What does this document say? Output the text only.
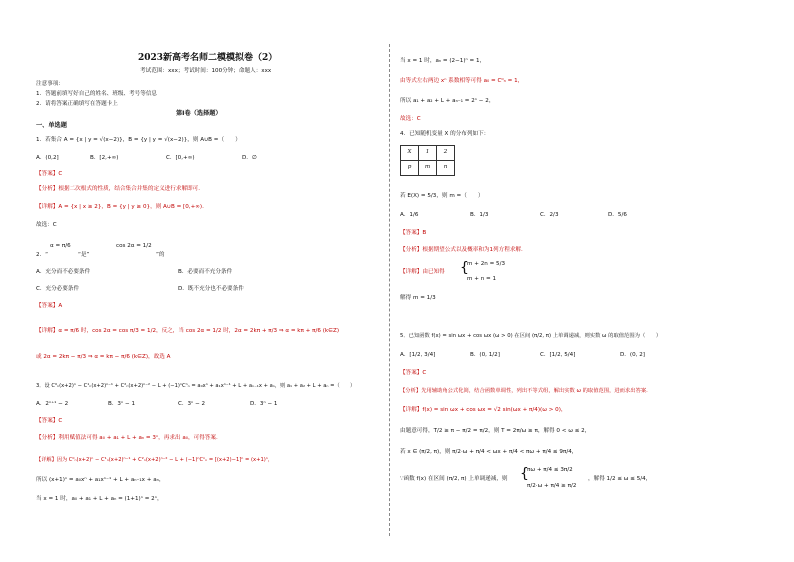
2023新高考名师二模模拟卷（2）
考试范围：xxx；考试时间：100分钟；命题人：xxx
注意事项：
1．答题前填写好自己的姓名、班级、考号等信息
2．请将答案正确填写在答题卡上
第I卷（选择题）
一、单选题
1．若集合 A = {x | y = √(x−2)}，B = {y | y = √(x−2)}，则 A∪B =（　　）
A．(0,2]	B．[2,+∞)	C．[0,+∞)	D．∅
【答案】C
【分析】根据二次根式的性质，结合集合并集的定义进行求解即可.
【详解】A = {x | x ≥ 2}，B = {y | y ≥ 0}，则 A∪B = [0,+∞).
故选：C
2．“
α = π/6
“是”
cos 2α = 1/2
”的
A．充分而不必要条件	B．必要而不充分条件
C．充分必要条件	D．既不充分也不必要条件
【答案】A
【详解】α = π/6 时，cos 2α = cos π/3 = 1/2，反之，当 cos 2α = 1/2 时，2α = 2kπ + π/3 ⇒ α = kπ + π/6 (k∈Z)
或 2α = 2kπ − π/3 ⇒ α = kπ − π/6 (k∈Z)，故选 A
3．设 C⁰ₙ(x+2)ⁿ − C¹ₙ(x+2)ⁿ⁻¹ + C²ₙ(x+2)ⁿ⁻² − L + (−1)ⁿCⁿₙ = a₀xⁿ + a₁xⁿ⁻¹ + L + aₙ₋₁x + aₙ，则 a₁ + a₂ + L + aₙ =（　　）
A．2ⁿ⁺¹ − 2	B．3ⁿ − 1	C．3ⁿ − 2	D．3ⁿ − 1
【答案】C
【分析】利用赋值法可得 a₀ + a₁ + L + aₙ = 3ⁿ，再求出 a₀，可得答案.
【详解】因为 C⁰ₙ(x+2)ⁿ − C¹ₙ(x+2)ⁿ⁻¹ + C²ₙ(x+2)ⁿ⁻² − L + (−1)ⁿCⁿₙ = [(x+2)−1]ⁿ = (x+1)ⁿ，
所以 (x+1)ⁿ = a₀xⁿ + a₁xⁿ⁻¹ + L + aₙ₋₁x + aₙ，
当 x = 1 时，a₀ + a₁ + L + aₙ = (1+1)ⁿ = 2ⁿ，
当 x = 1 时，aₙ = (2−1)ⁿ = 1，
由等式左右两边 xⁿ 系数相等可得 a₀ = C⁰ₙ = 1，
所以 a₁ + a₂ + L + aₙ₋₁ = 2ⁿ − 2，
故选：C
4．已知随机变量 X 的分布列如下：
X	1	2
p	m	n
若 E(X) = 5/3，则 m =（　　）
A．1/6	B．1/3	C．2/3	D．5/6
【答案】B
【分析】根据期望公式以及概率和为1列方程求解.
【详解】由已知得 {
m + 2n = 5/3
m + n = 1
解得 m = 1/3
5．已知函数 f(x) = sin ωx + cos ωx (ω > 0) 在区间 (π/2, π) 上单调递减，则实数 ω 的取值范围为（　　）
A．[1/2, 3/4]	B．(0, 1/2]	C．[1/2, 5/4]	D．(0, 2]
【答案】C
【分析】先用辅助角公式化简，结合函数单调性，列出不等式组，解出实数 ω 的取值范围，进而求出答案.
【详解】f(x) = sin ωx + cos ωx = √2 sin(ωx + π/4)(ω > 0)，
由题意可得，T/2 ≥ π − π/2 = π/2，则 T = 2π/ω ≥ π，解得 0 < ω ≤ 2，
若 x ∈ (π/2, π)，则 π/2·ω + π/4 < ωx + π/4 < πω + π/4 ≤ 9π/4，
∵函数 f(x) 在区间 (π/2, π) 上单调递减，则 {
πω + π/4 ≤ 3π/2
π/2·ω + π/4 ≥ π/2
，解得 1/2 ≤ ω ≤ 5/4，
